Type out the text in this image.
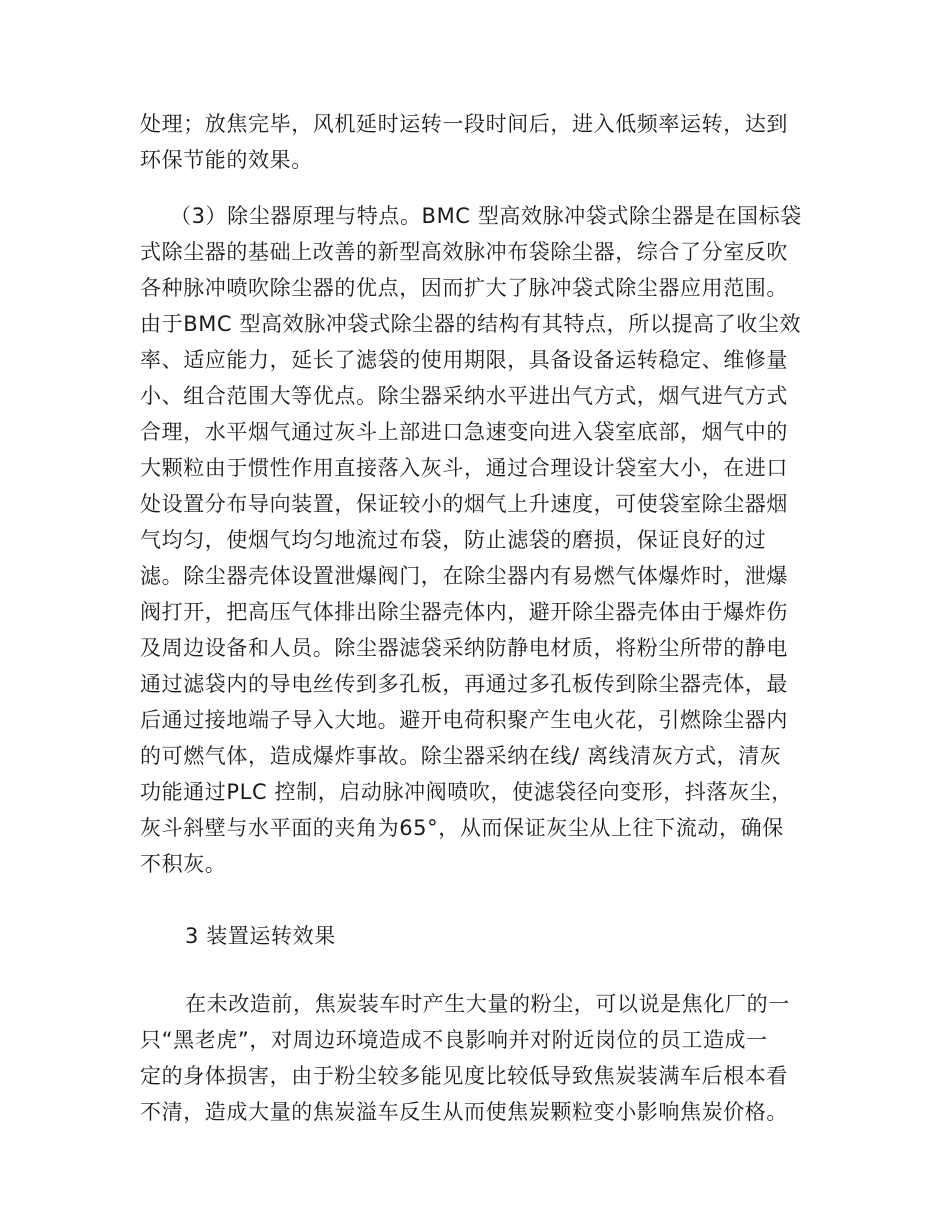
处理；放焦完毕，风机延时运转一段时间后，进入低频率运转，达到
环保节能的效果。
（3）除尘器原理与特点。BMC 型高效脉冲袋式除尘器是在国标袋
式除尘器的基础上改善的新型高效脉冲布袋除尘器，综合了分室反吹
各种脉冲喷吹除尘器的优点，因而扩大了脉冲袋式除尘器应用范围。
由于BMC 型高效脉冲袋式除尘器的结构有其特点，所以提高了收尘效
率、适应能力，延长了滤袋的使用期限，具备设备运转稳定、维修量
小、组合范围大等优点。除尘器采纳水平进出气方式，烟气进气方式
合理，水平烟气通过灰斗上部进口急速变向进入袋室底部，烟气中的
大颗粒由于惯性作用直接落入灰斗，通过合理设计袋室大小，在进口
处设置分布导向装置，保证较小的烟气上升速度，可使袋室除尘器烟
气均匀，使烟气均匀地流过布袋，防止滤袋的磨损，保证良好的过
滤。除尘器壳体设置泄爆阀门，在除尘器内有易燃气体爆炸时，泄爆
阀打开，把高压气体排出除尘器壳体内，避开除尘器壳体由于爆炸伤
及周边设备和人员。除尘器滤袋采纳防静电材质，将粉尘所带的静电
通过滤袋内的导电丝传到多孔板，再通过多孔板传到除尘器壳体，最
后通过接地端子导入大地。避开电荷积聚产生电火花，引燃除尘器内
的可燃气体，造成爆炸事故。除尘器采纳在线/ 离线清灰方式，清灰
功能通过PLC 控制，启动脉冲阀喷吹，使滤袋径向变形，抖落灰尘，
灰斗斜壁与水平面的夹角为65°，从而保证灰尘从上往下流动，确保
不积灰。
3 装置运转效果
在未改造前，焦炭装车时产生大量的粉尘，可以说是焦化厂的一
只“黑老虎”，对周边环境造成不良影响并对附近岗位的员工造成一
定的身体损害，由于粉尘较多能见度比较低导致焦炭装满车后根本看
不清，造成大量的焦炭溢车反生从而使焦炭颗粒变小影响焦炭价格。
